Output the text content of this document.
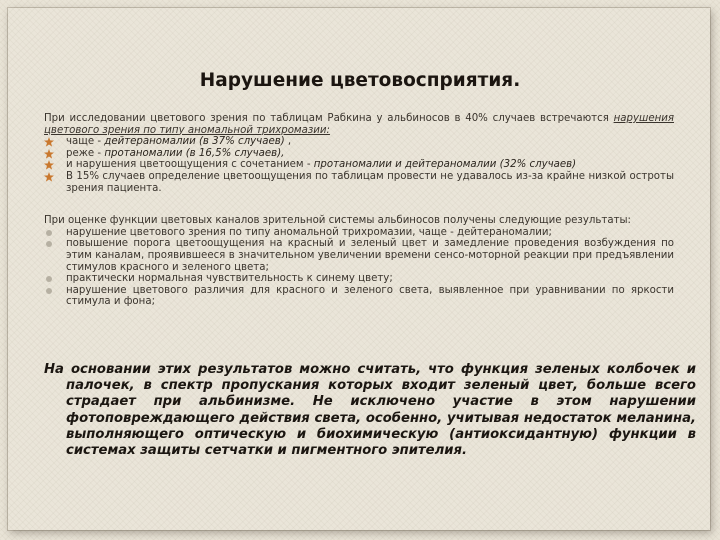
Нарушение цветовосприятия.

При исследовании цветового зрения по таблицам Рабкина у альбиносов в 40% случаев встречаются нарушения цветового зрения по типу аномальной трихромазии:

чаще - дейтераномалии (в 37% случаев) ,
реже - протаномалии (в 16,5% случаев),
и нарушения цветоощущения с сочетанием - протаномалии и дейтераномалии (32% случаев)
В 15% случаев определение цветоощущения по таблицам провести не удавалось из-за крайне низкой остроты зрения пациента.

При оценке функции цветовых каналов зрительной системы альбиносов получены следующие результаты:

нарушение цветового зрения по типу аномальной трихромазии, чаще - дейтераномалии;
повышение порога цветоощущения на красный и зеленый цвет и замедление проведения возбуждения по этим каналам, проявившееся в значительном увеличении времени сенсо-моторной реакции при предъявлении стимулов красного и зеленого цвета;
практически нормальная чувствительность к синему цвету;
нарушение цветового различия для красного и зеленого света, выявленное при уравнивании по яркости стимула и фона;
На основании этих результатов можно считать, что функция зеленых колбочек и палочек, в спектр пропускания которых входит зеленый цвет, больше всего страдает при альбинизме. Не исключено участие в этом нарушении фотоповреждающего действия света, особенно, учитывая недостаток меланина, выполняющего оптическую и биохимическую (антиоксидантную) функции в системах защиты сетчатки и пигментного эпителия.
